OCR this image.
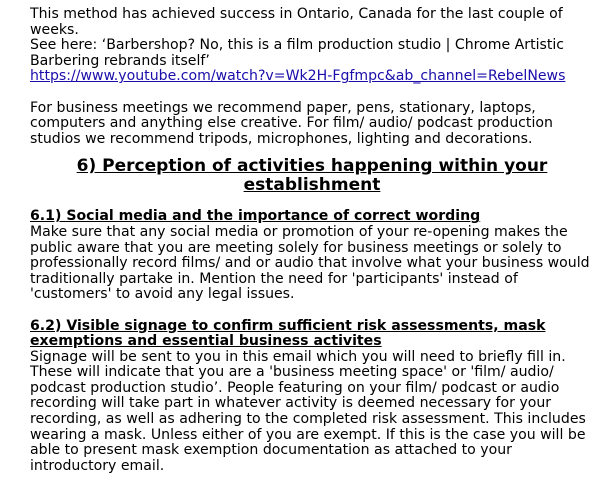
This method has achieved success in Ontario, Canada for the last couple of
weeks.
See here: ‘Barbershop? No, this is a film production studio | Chrome Artistic
Barbering rebrands itself’
https://www.youtube.com/watch?v=Wk2H-Fgfmpc&ab_channel=RebelNews

For business meetings we recommend paper, pens, stationary, laptops,
computers and anything else creative. For film/ audio/ podcast production
studios we recommend tripods, microphones, lighting and decorations.

6) Perception of activities happening within your
establishment

6.1) Social media and the importance of correct wording
Make sure that any social media or promotion of your re-opening makes the
public aware that you are meeting solely for business meetings or solely to
professionally record films/ and or audio that involve what your business would
traditionally partake in. Mention the need for 'participants' instead of
'customers' to avoid any legal issues.

6.2) Visible signage to confirm sufficient risk assessments, mask
exemptions and essential business activites
Signage will be sent to you in this email which you will need to briefly fill in.
These will indicate that you are a 'business meeting space' or 'film/ audio/
podcast production studio’. People featuring on your film/ podcast or audio
recording will take part in whatever activity is deemed necessary for your
recording, as well as adhering to the completed risk assessment. This includes
wearing a mask. Unless either of you are exempt. If this is the case you will be
able to present mask exemption documentation as attached to your
introductory email.
